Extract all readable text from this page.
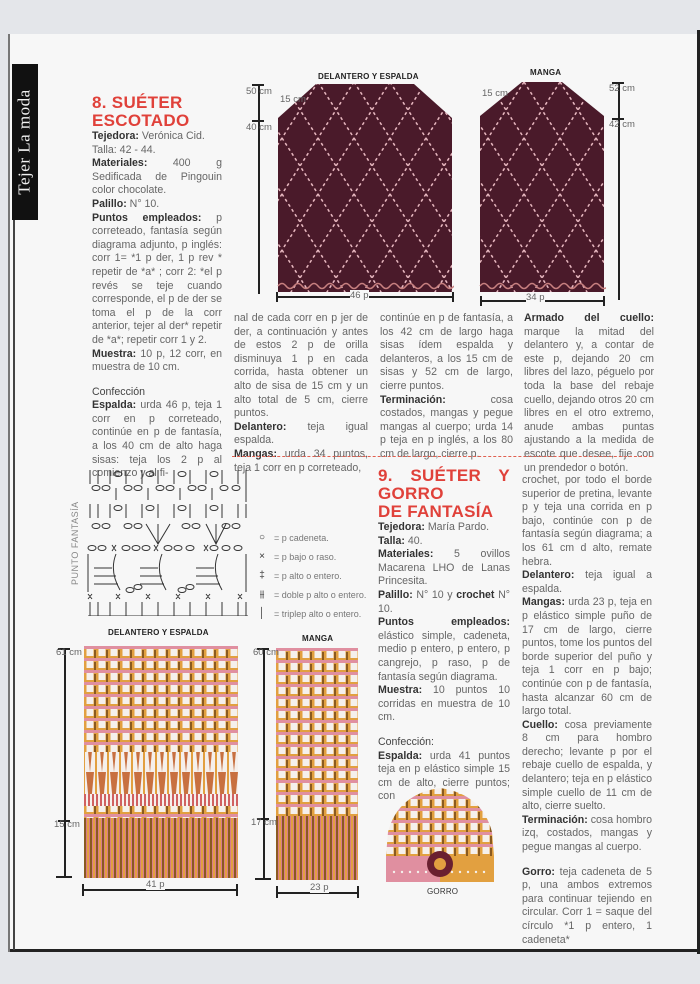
Tejer La moda	8. SUÉTER
ESCOTADO

Tejedora: Verónica Cid.

Talla: 42 - 44.

Materiales: 400 g Sedificada de Pingouin color chocolate.

Palillo: N° 10.

Puntos empleados: p correteado, fantasía según diagrama adjunto, p inglés: corr 1= *1 p der, 1 p rev * repetir de *a* ; corr 2: *el p revés se teje cuando corresponde, el p de der se toma el p de la corr anterior, tejer al der* repetir de *a*; repetir corr 1 y 2.

Muestra: 10 p, 12 corr, en muestra de 10 cm.

Confección

Espalda: urda 46 p, teja 1 corr en p correteado, continúe en p de fantasía, a los 40 cm de alto haga sisas: teja los 2 p al comienzo y al fi-

nal de cada corr en p jer de der, a continuación y antes de estos 2 p de orilla disminuya 1 p en cada corrida, hasta obtener un alto de sisa de 15 cm y un alto total de 5 cm, cierre puntos.

Delantero: teja igual espalda.

Mangas: urda 34 puntos, teja 1 corr en p correteado,

continúe en p de fantasía, a los 42 cm de largo haga sisas ídem espalda y delanteros, a los 15 cm de sisas y 52 cm de largo, cierre puntos.

Terminación: cosa costados, mangas y pegue mangas al cuerpo; urda 14 p teja en p inglés, a los 80 cm de largo, cierre p.

Armado del cuello: marque la mitad del delantero y, a contar de este p, dejando 20 cm libres del lazo, péguelo por toda la base del rebaje cuello, dejando otros 20 cm libres en el otro extremo, anude ambas puntas ajustando a la medida de escote que desee, fije con un prendedor o botón.

DELANTERO Y ESPALDA	MANGA
50 cm
40 cm
15 cm
46 p
52 cm
42 cm
15 cm
34 p
PUNTO FANTASÍA	○ = p cadeneta.
×	= p bajo o raso.
‡	= p alto o entero.
⫵	= doble p alto o entero.
│ = triplep alto o entero.
DELANTERO Y ESPALDA
MANGA
61 cm
15 cm
41 p
60 cm
17 cm
23 p	GORRO
9. SUÉTER Y GORRO
DE FANTASÍA

Tejedora: María Pardo.

Talla: 40.

Materiales: 5 ovillos Macarena LHO de Lanas Princesita.

Palillo: N° 10 y crochet N° 10.

Puntos empleados: elástico simple, cadeneta, medio p entero, p entero, p cangrejo, p raso, p de fantasía según diagrama.

Muestra: 10 puntos 10 corridas en muestra de 10 cm.

Confección:

Espalda: urda 41 puntos teja en p elástico simple 15 cm de alto, cierre puntos; con

crochet, por todo el borde superior de pretina, levante p y teja una corrida en p bajo, continúe con p de fantasía según diagrama; a los 61 cm d alto, remate hebra.

Delantero: teja igual a espalda.

Mangas: urda 23 p, teja en p elástico simple puño de 17 cm de largo, cierre puntos, tome los puntos del borde superior del puño y teja 1 corr en p bajo; continúe con p de fantasía, hasta alcanzar 60 cm de largo total.

Cuello: cosa previamente 8 cm para hombro derecho; levante p por el rebaje cuello de espalda, y delantero; teja en p elástico simple cuello de 11 cm de alto, cierre suelto.

Terminación: cosa hombro izq, costados, mangas y pegue mangas al cuerpo.

Gorro: teja cadeneta de 5 p, una ambos extremos para continuar tejiendo en circular. Corr 1 = saque del círculo *1 p entero, 1 cadeneta*
